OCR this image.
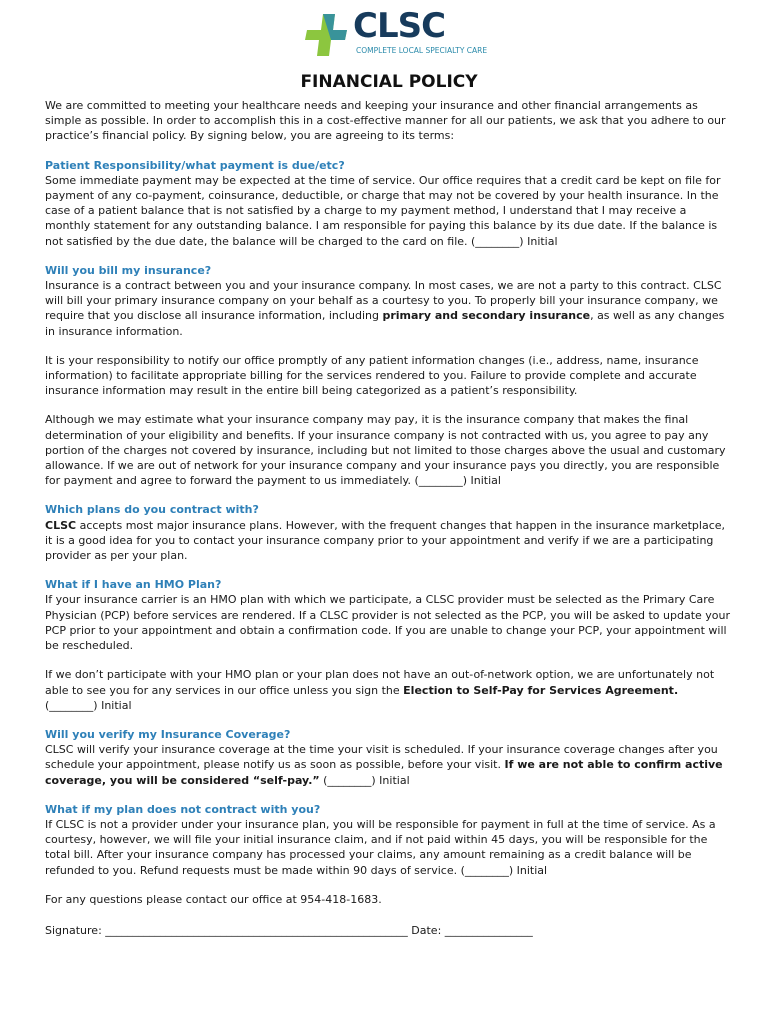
CLSC
COMPLETE LOCAL SPECIALTY CARE
FINANCIAL POLICY

We are committed to meeting your healthcare needs and keeping your insurance and other financial arrangements as simple as possible. In order to accomplish this in a cost-effective manner for all our patients, we ask that you adhere to our practice’s financial policy. By signing below, you are agreeing to its terms:

Patient Responsibility/what payment is due/etc?

Some immediate payment may be expected at the time of service. Our office requires that a credit card be kept on file for payment of any co-payment, coinsurance, deductible, or charge that may not be covered by your health insurance. In the case of a patient balance that is not satisfied by a charge to my payment method, I understand that I may receive a monthly statement for any outstanding balance. I am responsible for paying this balance by its due date. If the balance is not satisfied by the due date, the balance will be charged to the card on file. (________) Initial

Will you bill my insurance?

Insurance is a contract between you and your insurance company. In most cases, we are not a party to this contract. CLSC will bill your primary insurance company on your behalf as a courtesy to you. To properly bill your insurance company, we require that you disclose all insurance information, including primary and secondary insurance, as well as any changes in insurance information.

It is your responsibility to notify our office promptly of any patient information changes (i.e., address, name, insurance information) to facilitate appropriate billing for the services rendered to you. Failure to provide complete and accurate insurance information may result in the entire bill being categorized as a patient’s responsibility.

Although we may estimate what your insurance company may pay, it is the insurance company that makes the final determination of your eligibility and benefits. If your insurance company is not contracted with us, you agree to pay any portion of the charges not covered by insurance, including but not limited to those charges above the usual and customary allowance. If we are out of network for your insurance company and your insurance pays you directly, you are responsible for payment and agree to forward the payment to us immediately. (________) Initial

Which plans do you contract with?

CLSC accepts most major insurance plans. However, with the frequent changes that happen in the insurance marketplace, it is a good idea for you to contact your insurance company prior to your appointment and verify if we are a participating provider as per your plan.

What if I have an HMO Plan?

If your insurance carrier is an HMO plan with which we participate, a CLSC provider must be selected as the Primary Care Physician (PCP) before services are rendered. If a CLSC provider is not selected as the PCP, you will be asked to update your PCP prior to your appointment and obtain a confirmation code. If you are unable to change your PCP, your appointment will be rescheduled.

If we don’t participate with your HMO plan or your plan does not have an out-of-network option, we are unfortunately not able to see you for any services in our office unless you sign the Election to Self-Pay for Services Agreement.
(________) Initial

Will you verify my Insurance Coverage?

CLSC will verify your insurance coverage at the time your visit is scheduled. If your insurance coverage changes after you schedule your appointment, please notify us as soon as possible, before your visit. If we are not able to confirm active coverage, you will be considered “self-pay.” (________) Initial

What if my plan does not contract with you?

If CLSC is not a provider under your insurance plan, you will be responsible for payment in full at the time of service. As a courtesy, however, we will file your initial insurance claim, and if not paid within 45 days, you will be responsible for the total bill. After your insurance company has processed your claims, any amount remaining as a credit balance will be refunded to you. Refund requests must be made within 90 days of service. (________) Initial

For any questions please contact our office at 954-418-1683.

Signature: _______________________________________________________ Date: ________________
